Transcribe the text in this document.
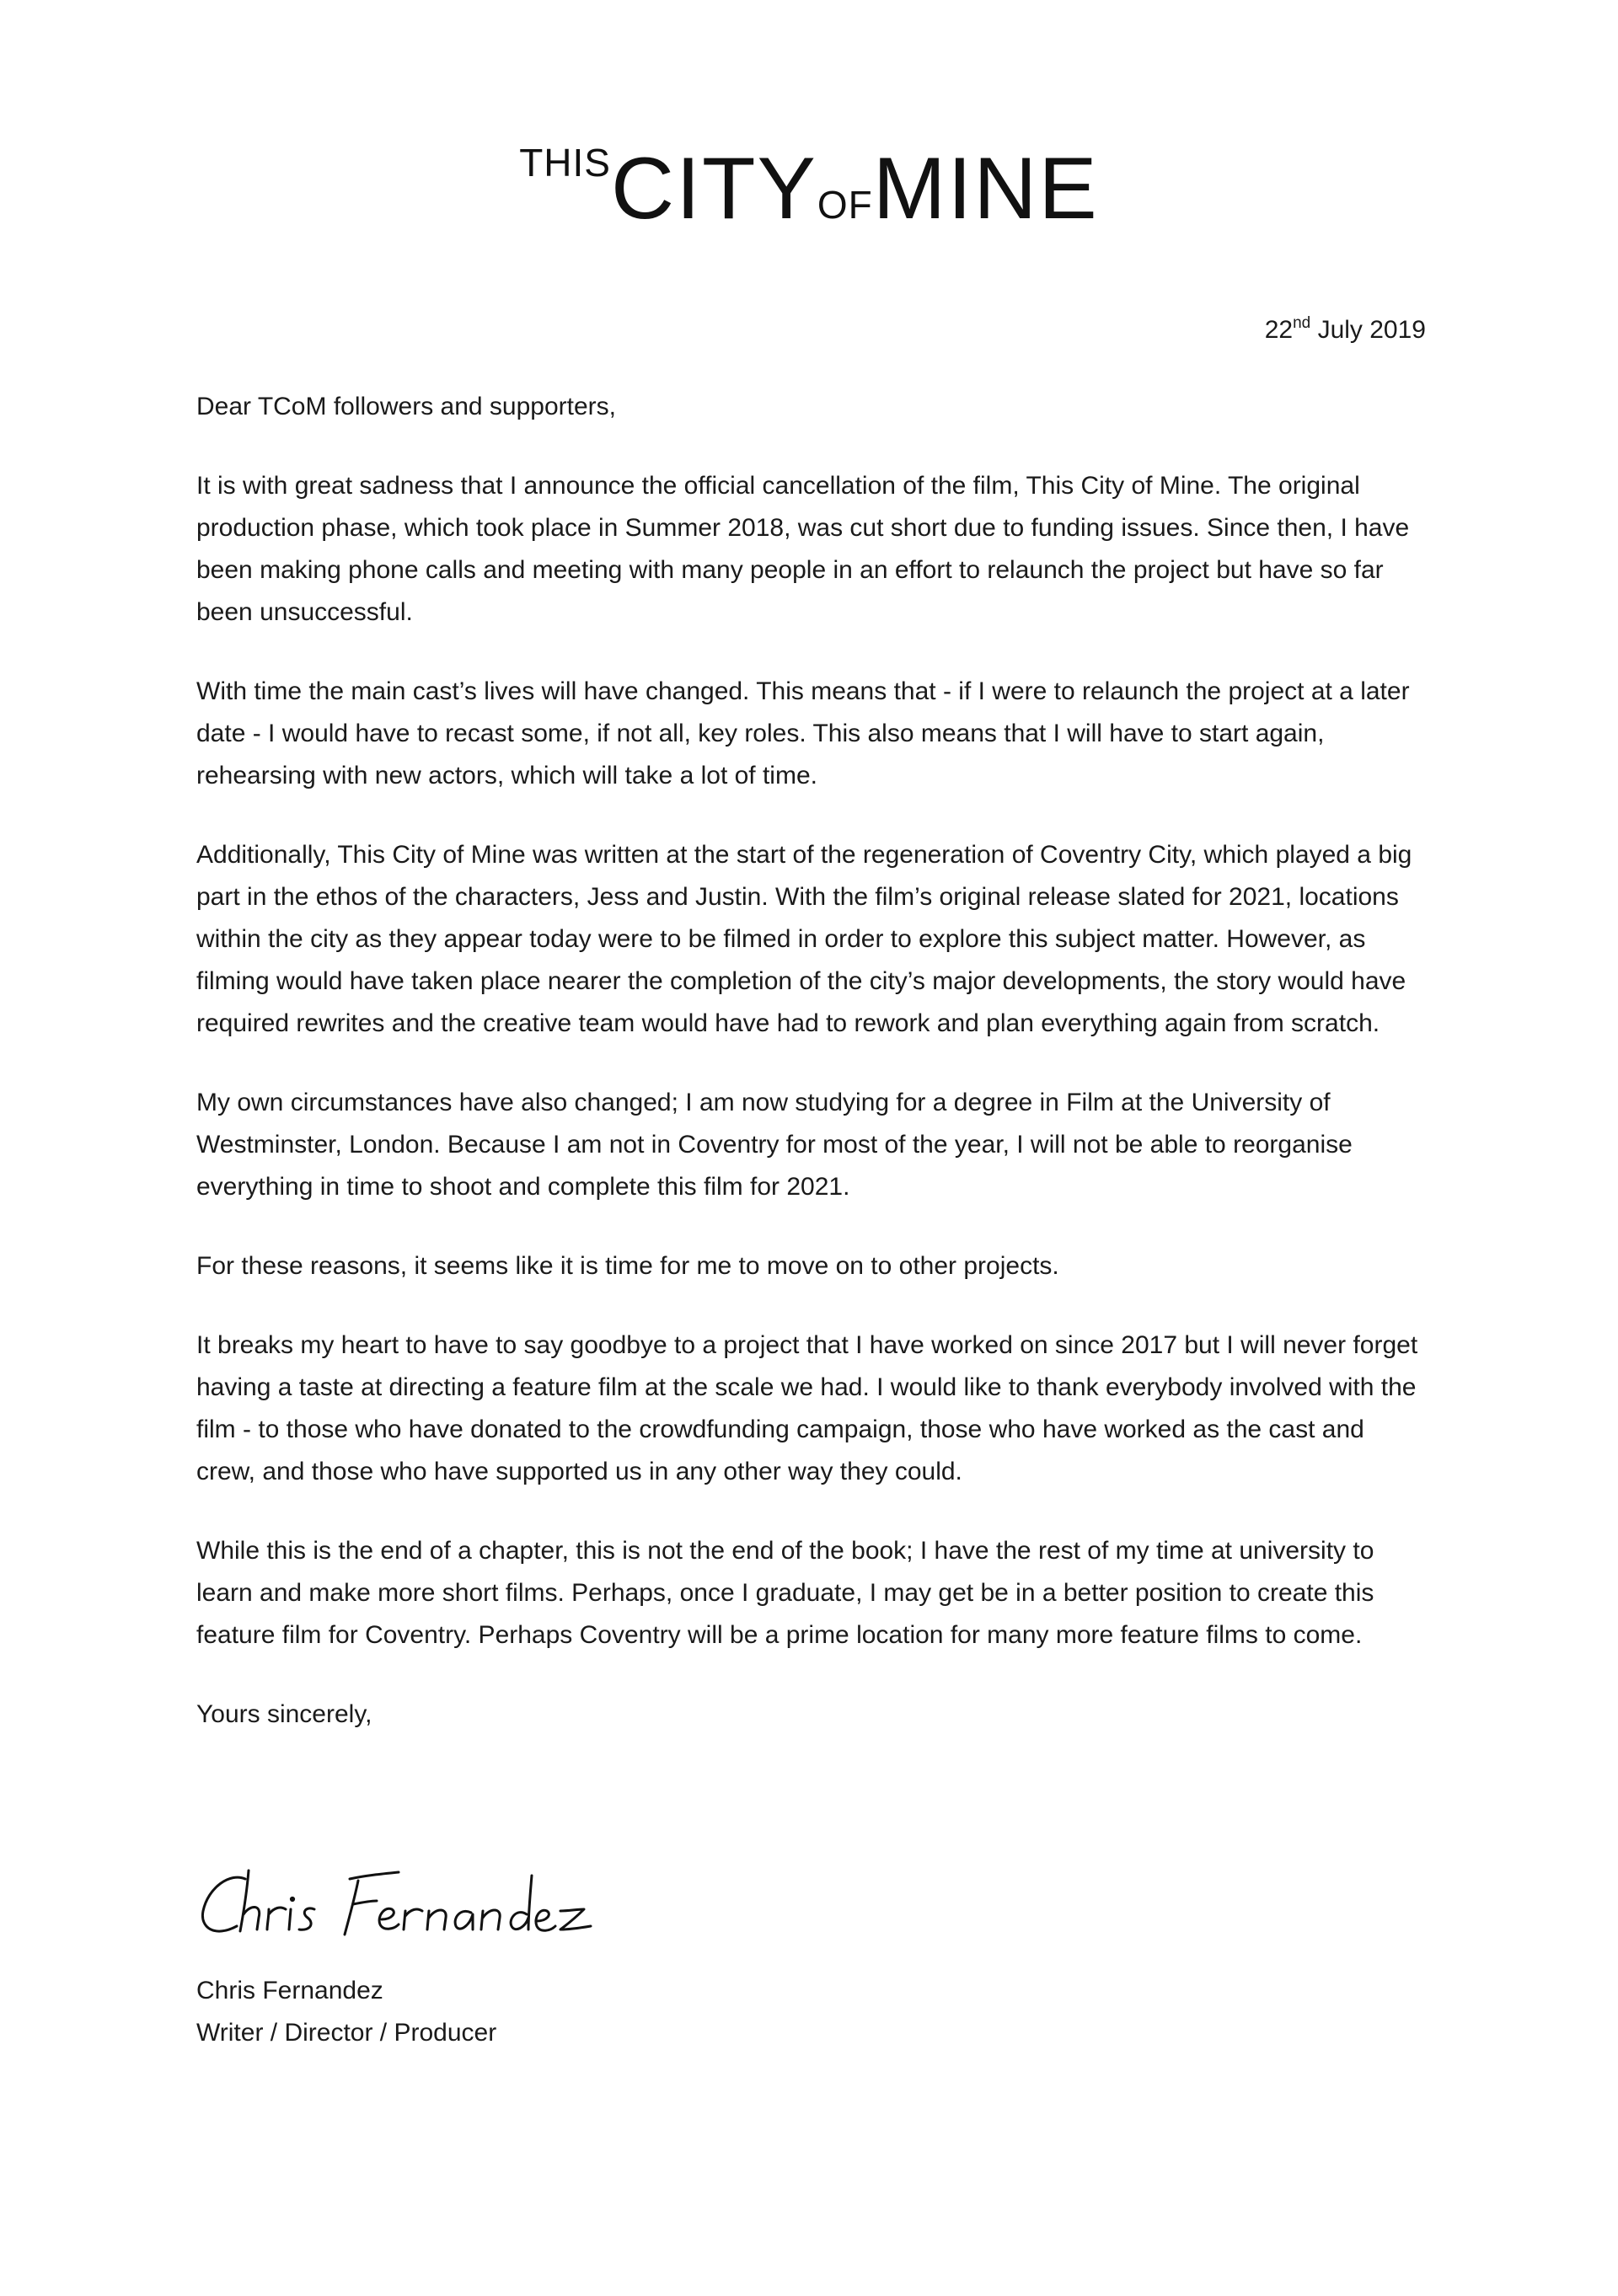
THISCITYOFMINE
22nd July 2019

Dear TCoM followers and supporters,

It is with great sadness that I announce the official cancellation of the film, This City of Mine. The original production phase, which took place in Summer 2018, was cut short due to funding issues. Since then, I have been making phone calls and meeting with many people in an effort to relaunch the project but have so far been unsuccessful.

With time the main cast’s lives will have changed. This means that - if I were to relaunch the project at a later date - I would have to recast some, if not all, key roles. This also means that I will have to start again, rehearsing with new actors, which will take a lot of time.

Additionally, This City of Mine was written at the start of the regeneration of Coventry City, which played a big part in the ethos of the characters, Jess and Justin. With the film’s original release slated for 2021, locations within the city as they appear today were to be filmed in order to explore this subject matter. However, as filming would have taken place nearer the completion of the city’s major developments, the story would have required rewrites and the creative team would have had to rework and plan everything again from scratch.

My own circumstances have also changed; I am now studying for a degree in Film at the University of Westminster, London. Because I am not in Coventry for most of the year, I will not be able to reorganise everything in time to shoot and complete this film for 2021.

For these reasons, it seems like it is time for me to move on to other projects.

It breaks my heart to have to say goodbye to a project that I have worked on since 2017 but I will never forget having a taste at directing a feature film at the scale we had. I would like to thank everybody involved with the film - to those who have donated to the crowdfunding campaign, those who have worked as the cast and crew, and those who have supported us in any other way they could.

While this is the end of a chapter, this is not the end of the book; I have the rest of my time at university to learn and make more short films. Perhaps, once I graduate, I may get be in a better position to create this feature film for Coventry. Perhaps Coventry will be a prime location for many more feature films to come.

Yours sincerely,

Chris Fernandez
Writer / Director / Producer
